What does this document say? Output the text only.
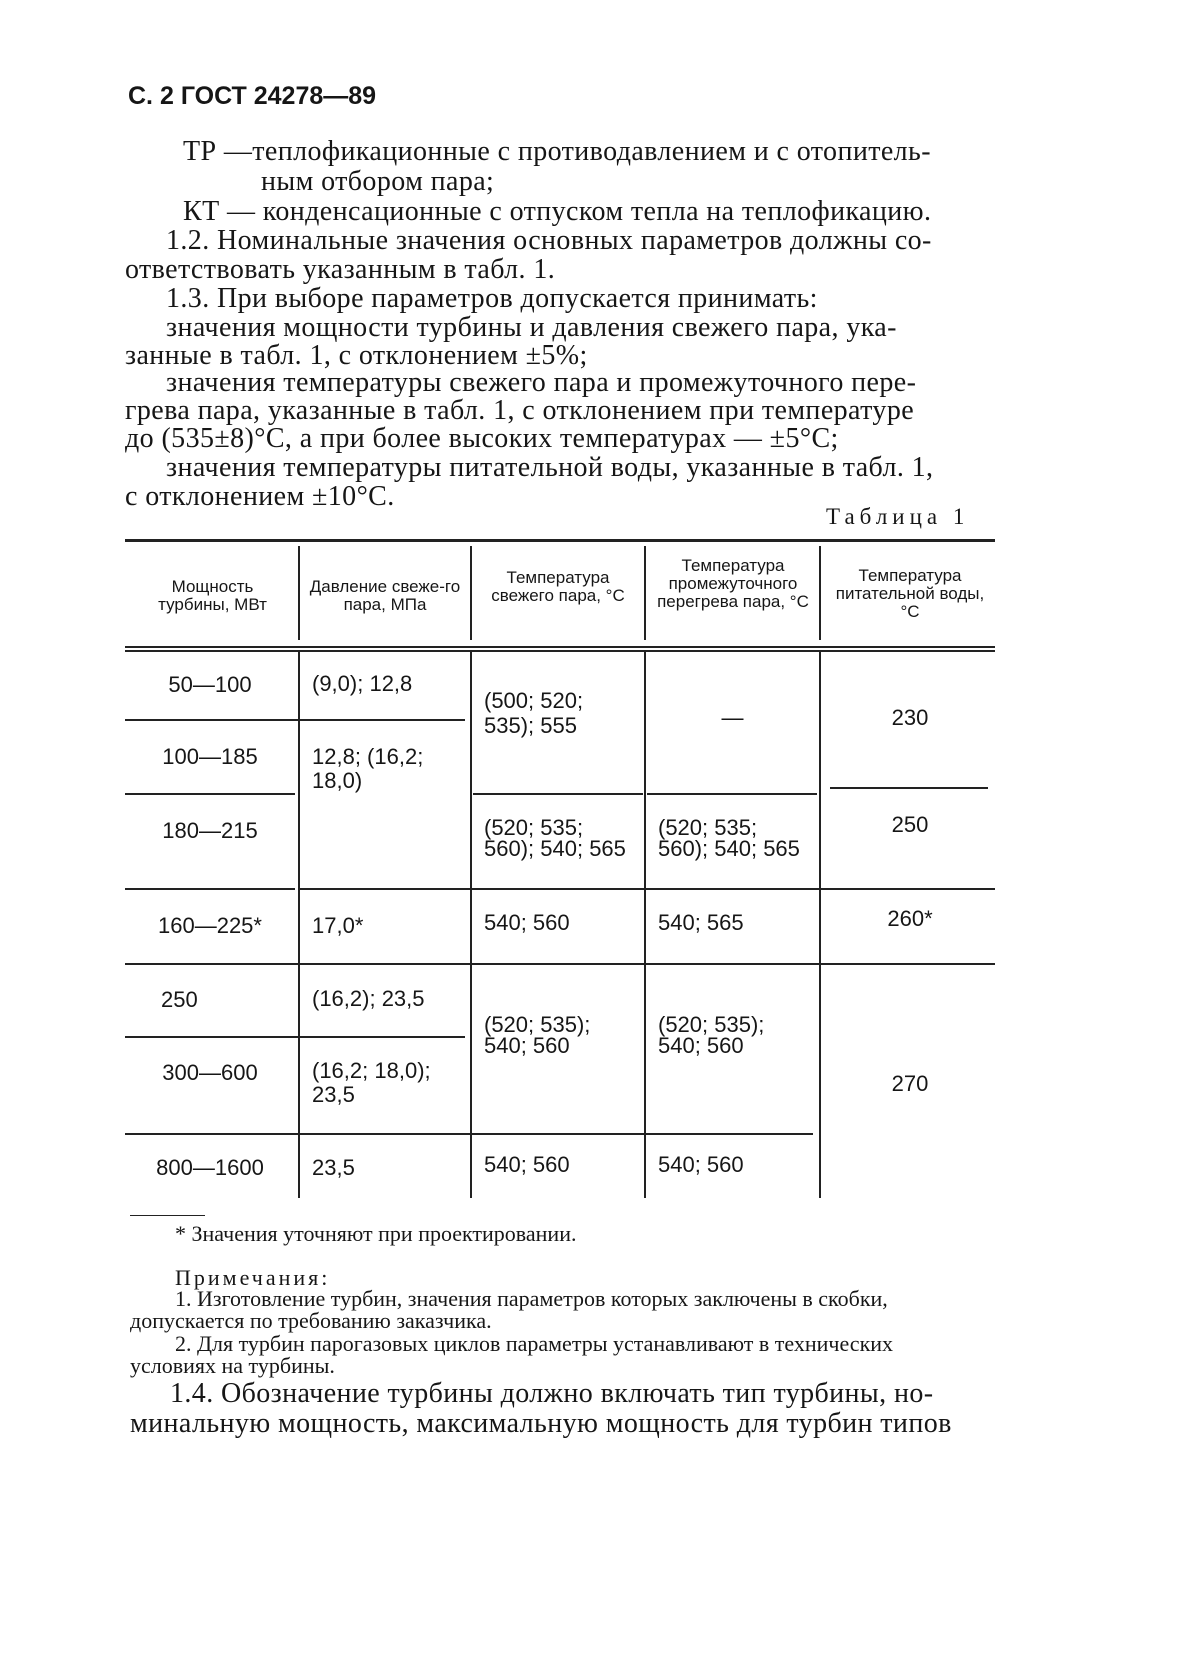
С. 2 ГОСТ 24278—89
ТР —теплофикационные с противодавлением и с отопитель-
ным отбором пара;
КТ — конденсационные с отпуском тепла на теплофикацию.
1.2. Номинальные значения основных параметров должны со-
ответствовать указанным в табл. 1.
1.3. При выборе параметров допускается принимать:
значения мощности турбины и давления свежего пара, ука-
занные в табл. 1, с отклонением ±5%;
значения температуры свежего пара и промежуточного пере-
грева пара, указанные в табл. 1, с отклонением при температуре
до (535±8)°С, а при более высоких температурах — ±5°С;
значения температуры питательной воды, указанные в табл. 1,
с отклонением ±10°С.
Таблица 1
Мощность турбины, МВт
Давление свеже-го пара, МПа
Температура свежего пара, °С
Температура промежуточного перегрева пара, °С
Температура питательной воды, °С
50—100
100—185
180—215
160—225*
250
300—600
800—1600
(9,0); 12,8
12,8; (16,2;
18,0)
17,0*
(16,2); 23,5
(16,2; 18,0);
23,5
23,5
(500; 520;
535); 555
(520; 535;
560); 540; 565
540; 560
(520; 535);
540; 560
540; 560
—
(520; 535;
560); 540; 565
540; 565
(520; 535);
540; 560
540; 560
230
250
260*
270
* Значения уточняют при проектировании.
Примечания:
1. Изготовление турбин, значения параметров которых заключены в скобки,
допускается по требованию заказчика.
2. Для турбин парогазовых циклов параметры устанавливают в технических
условиях на турбины.
1.4. Обозначение турбины должно включать тип турбины, но-
минальную мощность, максимальную мощность для турбин типов
